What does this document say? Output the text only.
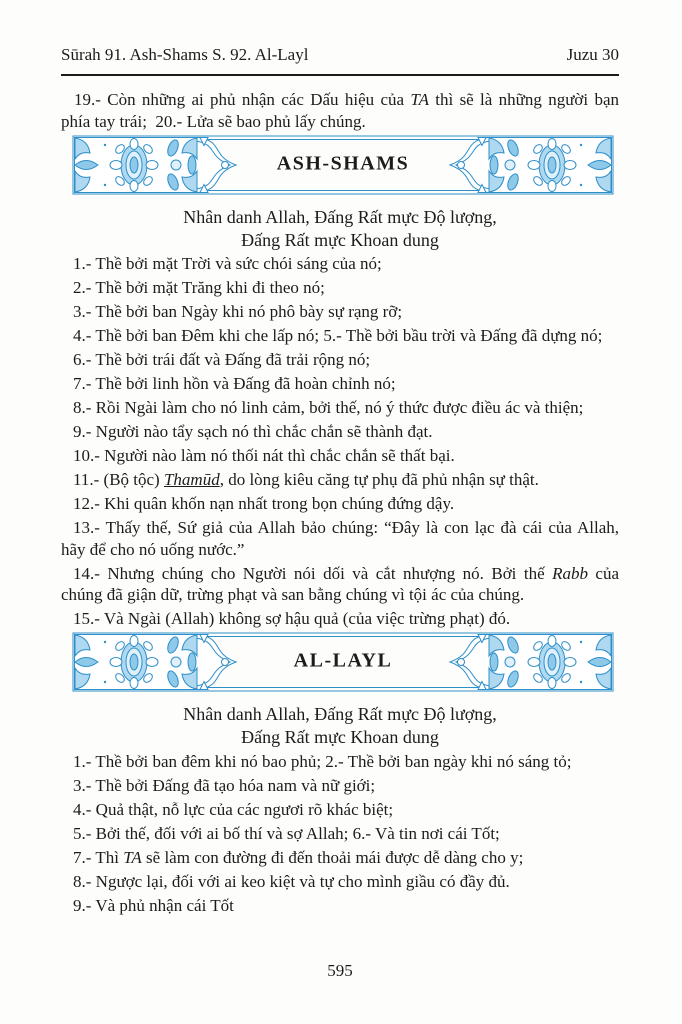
Sūrah 91. Ash-Shams S. 92. Al-Layl	Juzu 30

19.- Còn những ai phủ nhận các Dấu hiệu của TA thì sẽ là những người bạn phía tay trái;  20.- Lửa sẽ bao phủ lấy chúng.

ASH-SHAMS

Nhân danh Allah, Đấng Rất mực Độ lượng,
Đấng Rất mực Khoan dung

1.- Thề bởi mặt Trời và sức chói sáng của nó;

2.- Thề bởi mặt Trăng khi đi theo nó;

3.- Thề bởi ban Ngày khi nó phô bày sự rạng rỡ;

4.- Thề bởi ban Đêm khi che lấp nó; 5.- Thề bởi bầu trời và Đấng đã dựng nó;

6.- Thề bởi trái đất và Đấng đã trải rộng nó;

7.- Thề bởi linh hồn và Đấng đã hoàn chỉnh nó;

8.- Rồi Ngài làm cho nó linh cảm, bởi thế, nó ý thức được điều ác và thiện;

9.- Người nào tẩy sạch nó thì chắc chắn sẽ thành đạt.

10.- Người nào làm nó thối nát thì chắc chắn sẽ thất bại.

11.- (Bộ tộc) Thamūd, do lòng kiêu căng tự phụ đã phủ nhận sự thật.

12.- Khi quân khốn nạn nhất trong bọn chúng đứng dậy.

13.- Thấy thế, Sứ giả của Allah bảo chúng: “Đây là con lạc đà cái của Allah, hãy để cho nó uống nước.”

14.- Nhưng chúng cho Người nói dối và cắt nhượng nó. Bởi thế Rabb của chúng đã giận dữ, trừng phạt và san bằng chúng vì tội ác của chúng.

15.- Và Ngài (Allah) không sợ hậu quả (của việc trừng phạt) đó.

AL-LAYL

Nhân danh Allah, Đấng Rất mực Độ lượng,
Đấng Rất mực Khoan dung

1.- Thề bởi ban đêm khi nó bao phủ; 2.- Thề bởi ban ngày khi nó sáng tỏ;

3.- Thề bởi Đấng đã tạo hóa nam và nữ giới;

4.- Quả thật, nỗ lực của các ngươi rõ khác biệt;

5.- Bởi thế, đối với ai bố thí và sợ Allah; 6.- Và tin nơi cái Tốt;

7.- Thì TA sẽ làm con đường đi đến thoải mái được dễ dàng cho y;

8.- Ngược lại, đối với ai keo kiệt và tự cho mình giầu có đầy đủ.

9.- Và phủ nhận cái Tốt

595
